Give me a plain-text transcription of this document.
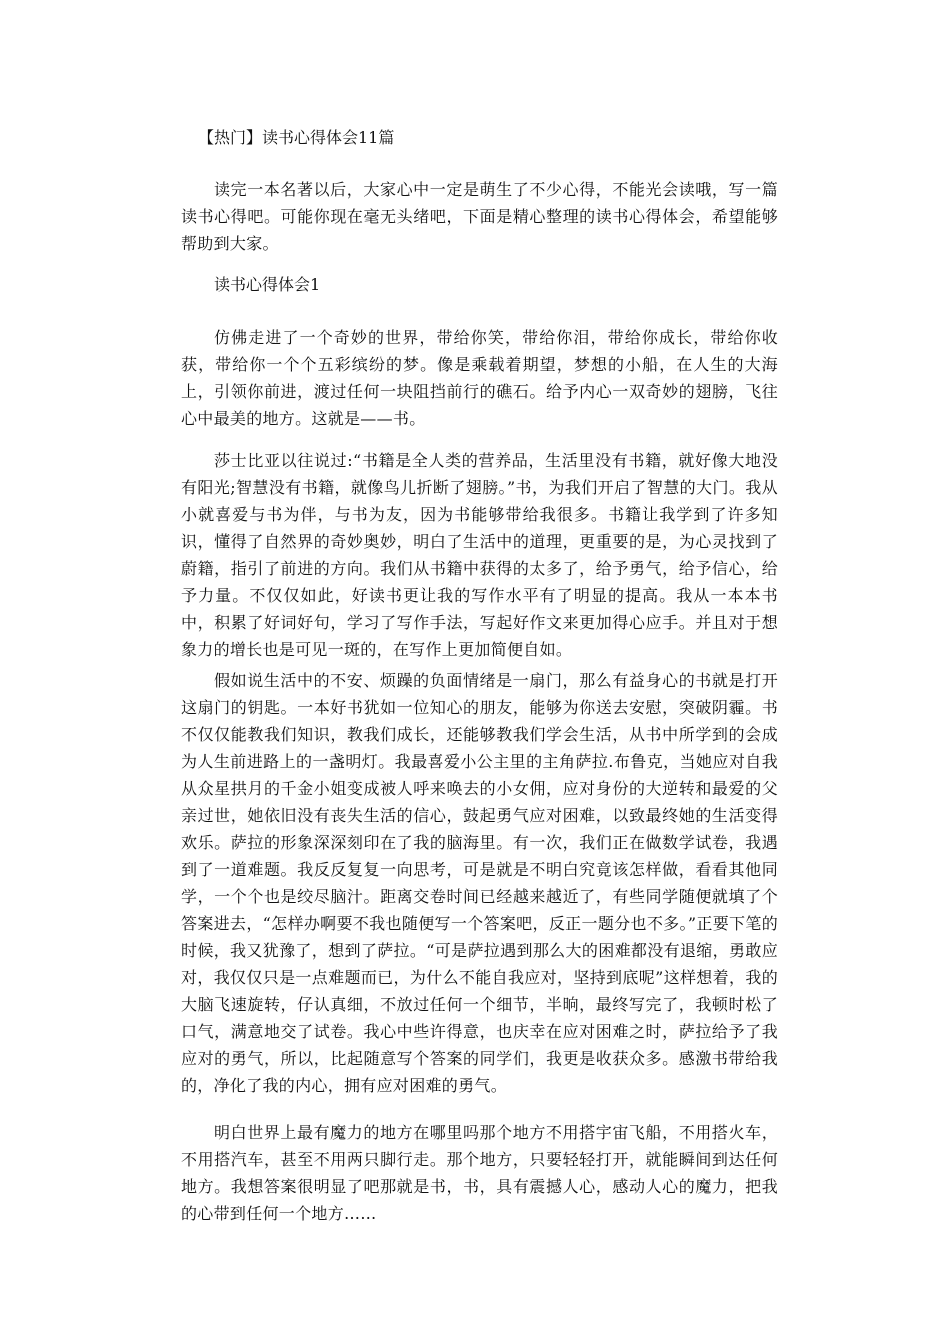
【热门】读书心得体会11篇

读完一本名著以后，大家心中一定是萌生了不少心得，不能光会读哦，写一篇读书心得吧。可能你现在毫无头绪吧，下面是精心整理的读书心得体会，希望能够帮助到大家。

读书心得体会1

仿佛走进了一个奇妙的世界，带给你笑，带给你泪，带给你成长，带给你收获，带给你一个个五彩缤纷的梦。像是乘载着期望，梦想的小船，在人生的大海上，引领你前进，渡过任何一块阻挡前行的礁石。给予内心一双奇妙的翅膀，飞往心中最美的地方。这就是——书。

莎士比亚以往说过:“书籍是全人类的营养品，生活里没有书籍，就好像大地没有阳光;智慧没有书籍，就像鸟儿折断了翅膀。”书，为我们开启了智慧的大门。我从小就喜爱与书为伴，与书为友，因为书能够带给我很多。书籍让我学到了许多知识，懂得了自然界的奇妙奥妙，明白了生活中的道理，更重要的是，为心灵找到了蔚籍，指引了前进的方向。我们从书籍中获得的太多了，给予勇气，给予信心，给予力量。不仅仅如此，好读书更让我的写作水平有了明显的提高。我从一本本书中，积累了好词好句，学习了写作手法，写起好作文来更加得心应手。并且对于想象力的增长也是可见一斑的，在写作上更加简便自如。

假如说生活中的不安、烦躁的负面情绪是一扇门，那么有益身心的书就是打开这扇门的钥匙。一本好书犹如一位知心的朋友，能够为你送去安慰，突破阴霾。书不仅仅能教我们知识，教我们成长，还能够教我们学会生活，从书中所学到的会成为人生前进路上的一盏明灯。我最喜爱小公主里的主角萨拉.布鲁克，当她应对自我从众星拱月的千金小姐变成被人呼来唤去的小女佣，应对身份的大逆转和最爱的父亲过世，她依旧没有丧失生活的信心，鼓起勇气应对困难，以致最终她的生活变得欢乐。萨拉的形象深深刻印在了我的脑海里。有一次，我们正在做数学试卷，我遇到了一道难题。我反反复复一向思考，可是就是不明白究竟该怎样做，看看其他同学，一个个也是绞尽脑汁。距离交卷时间已经越来越近了，有些同学随便就填了个答案进去，“怎样办啊要不我也随便写一个答案吧，反正一题分也不多。”正要下笔的时候，我又犹豫了，想到了萨拉。“可是萨拉遇到那么大的困难都没有退缩，勇敢应对，我仅仅只是一点难题而已，为什么不能自我应对，坚持到底呢”这样想着，我的大脑飞速旋转，仔认真细，不放过任何一个细节，半晌，最终写完了，我顿时松了口气，满意地交了试卷。我心中些许得意，也庆幸在应对困难之时，萨拉给予了我应对的勇气，所以，比起随意写个答案的同学们，我更是收获众多。感激书带给我的，净化了我的内心，拥有应对困难的勇气。

明白世界上最有魔力的地方在哪里吗那个地方不用搭宇宙飞船，不用搭火车，不用搭汽车，甚至不用两只脚行走。那个地方，只要轻轻打开，就能瞬间到达任何地方。我想答案很明显了吧那就是书，书，具有震撼人心，感动人心的魔力，把我的心带到任何一个地方……
